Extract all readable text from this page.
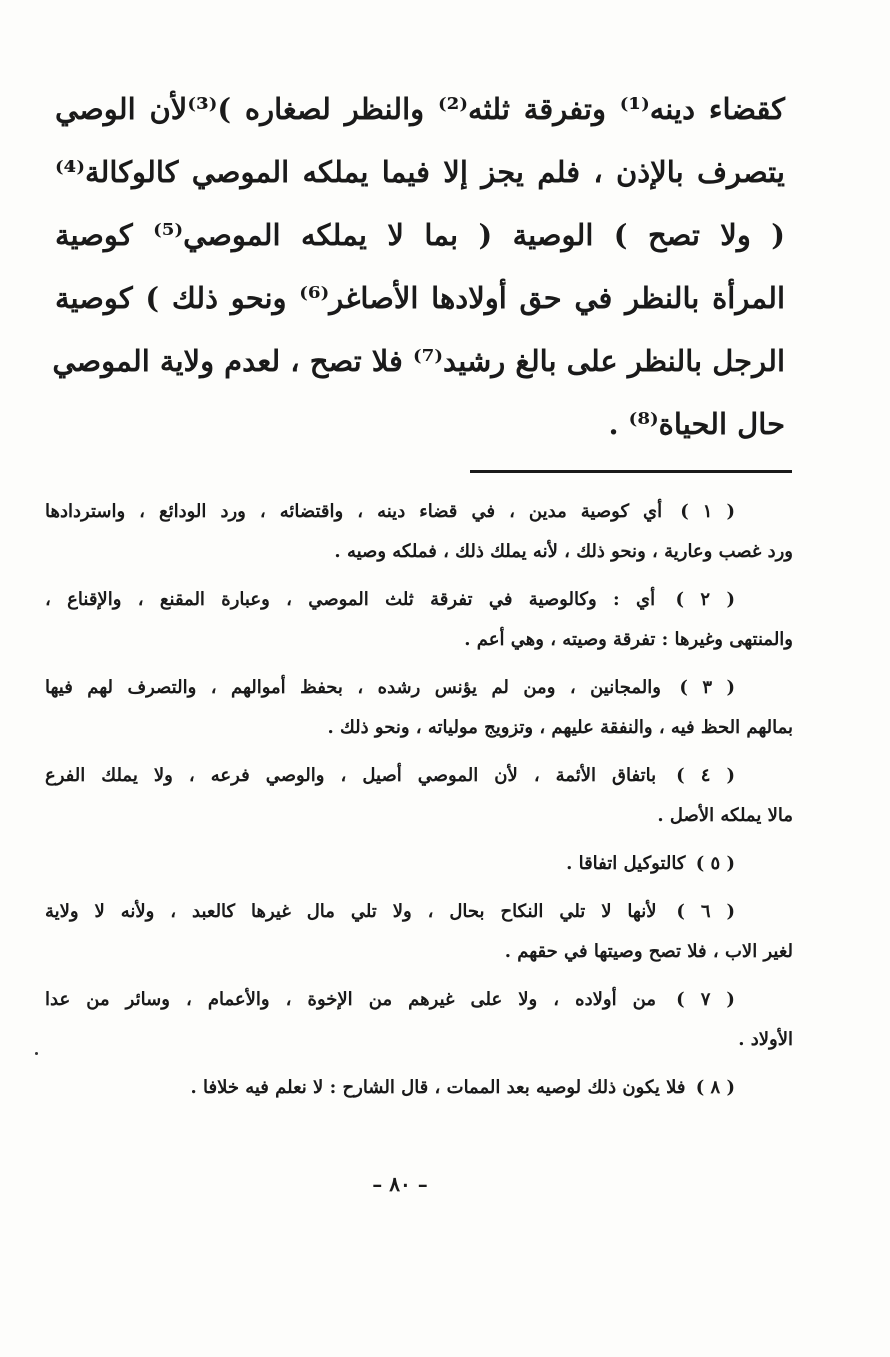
كقضاء دينه⁽¹⁾ وتفرقة ثلثه⁽²⁾ والنظر لصغاره )⁽³⁾لأن الوصي
يتصرف بالإذن ، فلم يجز إلا فيما يملكه الموصي كالوكالة⁽⁴⁾
( ولا تصح ) الوصية ( بما لا يملكه الموصي⁽⁵⁾ كوصية
المرأة بالنظر في حق أولادها الأصاغر⁽⁶⁾ ونحو ذلك ) كوصية
الرجل بالنظر على بالغ رشيد⁽⁷⁾ فلا تصح ، لعدم ولاية الموصي
حال الحياة⁽⁸⁾ .
( ١ ) أي كوصية مدين ، في قضاء دينه ، واقتضائه ، ورد الودائع ، واستردادها
ورد غصب وعارية ، ونحو ذلك ، لأنه يملك ذلك ، فملكه وصيه .
( ٢ ) أي : وكالوصية في تفرقة ثلث الموصي ، وعبارة المقنع ، والإقناع ،
والمنتهى وغيرها : تفرقة وصيته ، وهي أعم .
( ٣ ) والمجانين ، ومن لم يؤنس رشده ، بحفظ أموالهم ، والتصرف لهم فيها
بمالهم الحظ فيه ، والنفقة عليهم ، وتزويج مولياته ، ونحو ذلك .
( ٤ ) باتفاق الأئمة ، لأن الموصي أصيل ، والوصي فرعه ، ولا يملك الفرع
مالا يملكه الأصل .
( ٥ ) كالتوكيل اتفاقا .
( ٦ ) لأنها لا تلي النكاح بحال ، ولا تلي مال غيرها كالعبد ، ولأنه لا ولاية
لغير الاب ، فلا تصح وصيتها في حقهم .
( ٧ ) من أولاده ، ولا على غيرهم من الإخوة ، والأعمام ، وسائر من عدا
الأولاد .
( ٨ ) فلا يكون ذلك لوصيه بعد الممات ، قال الشارح : لا نعلم فيه خلافا .
– ٨٠ –
